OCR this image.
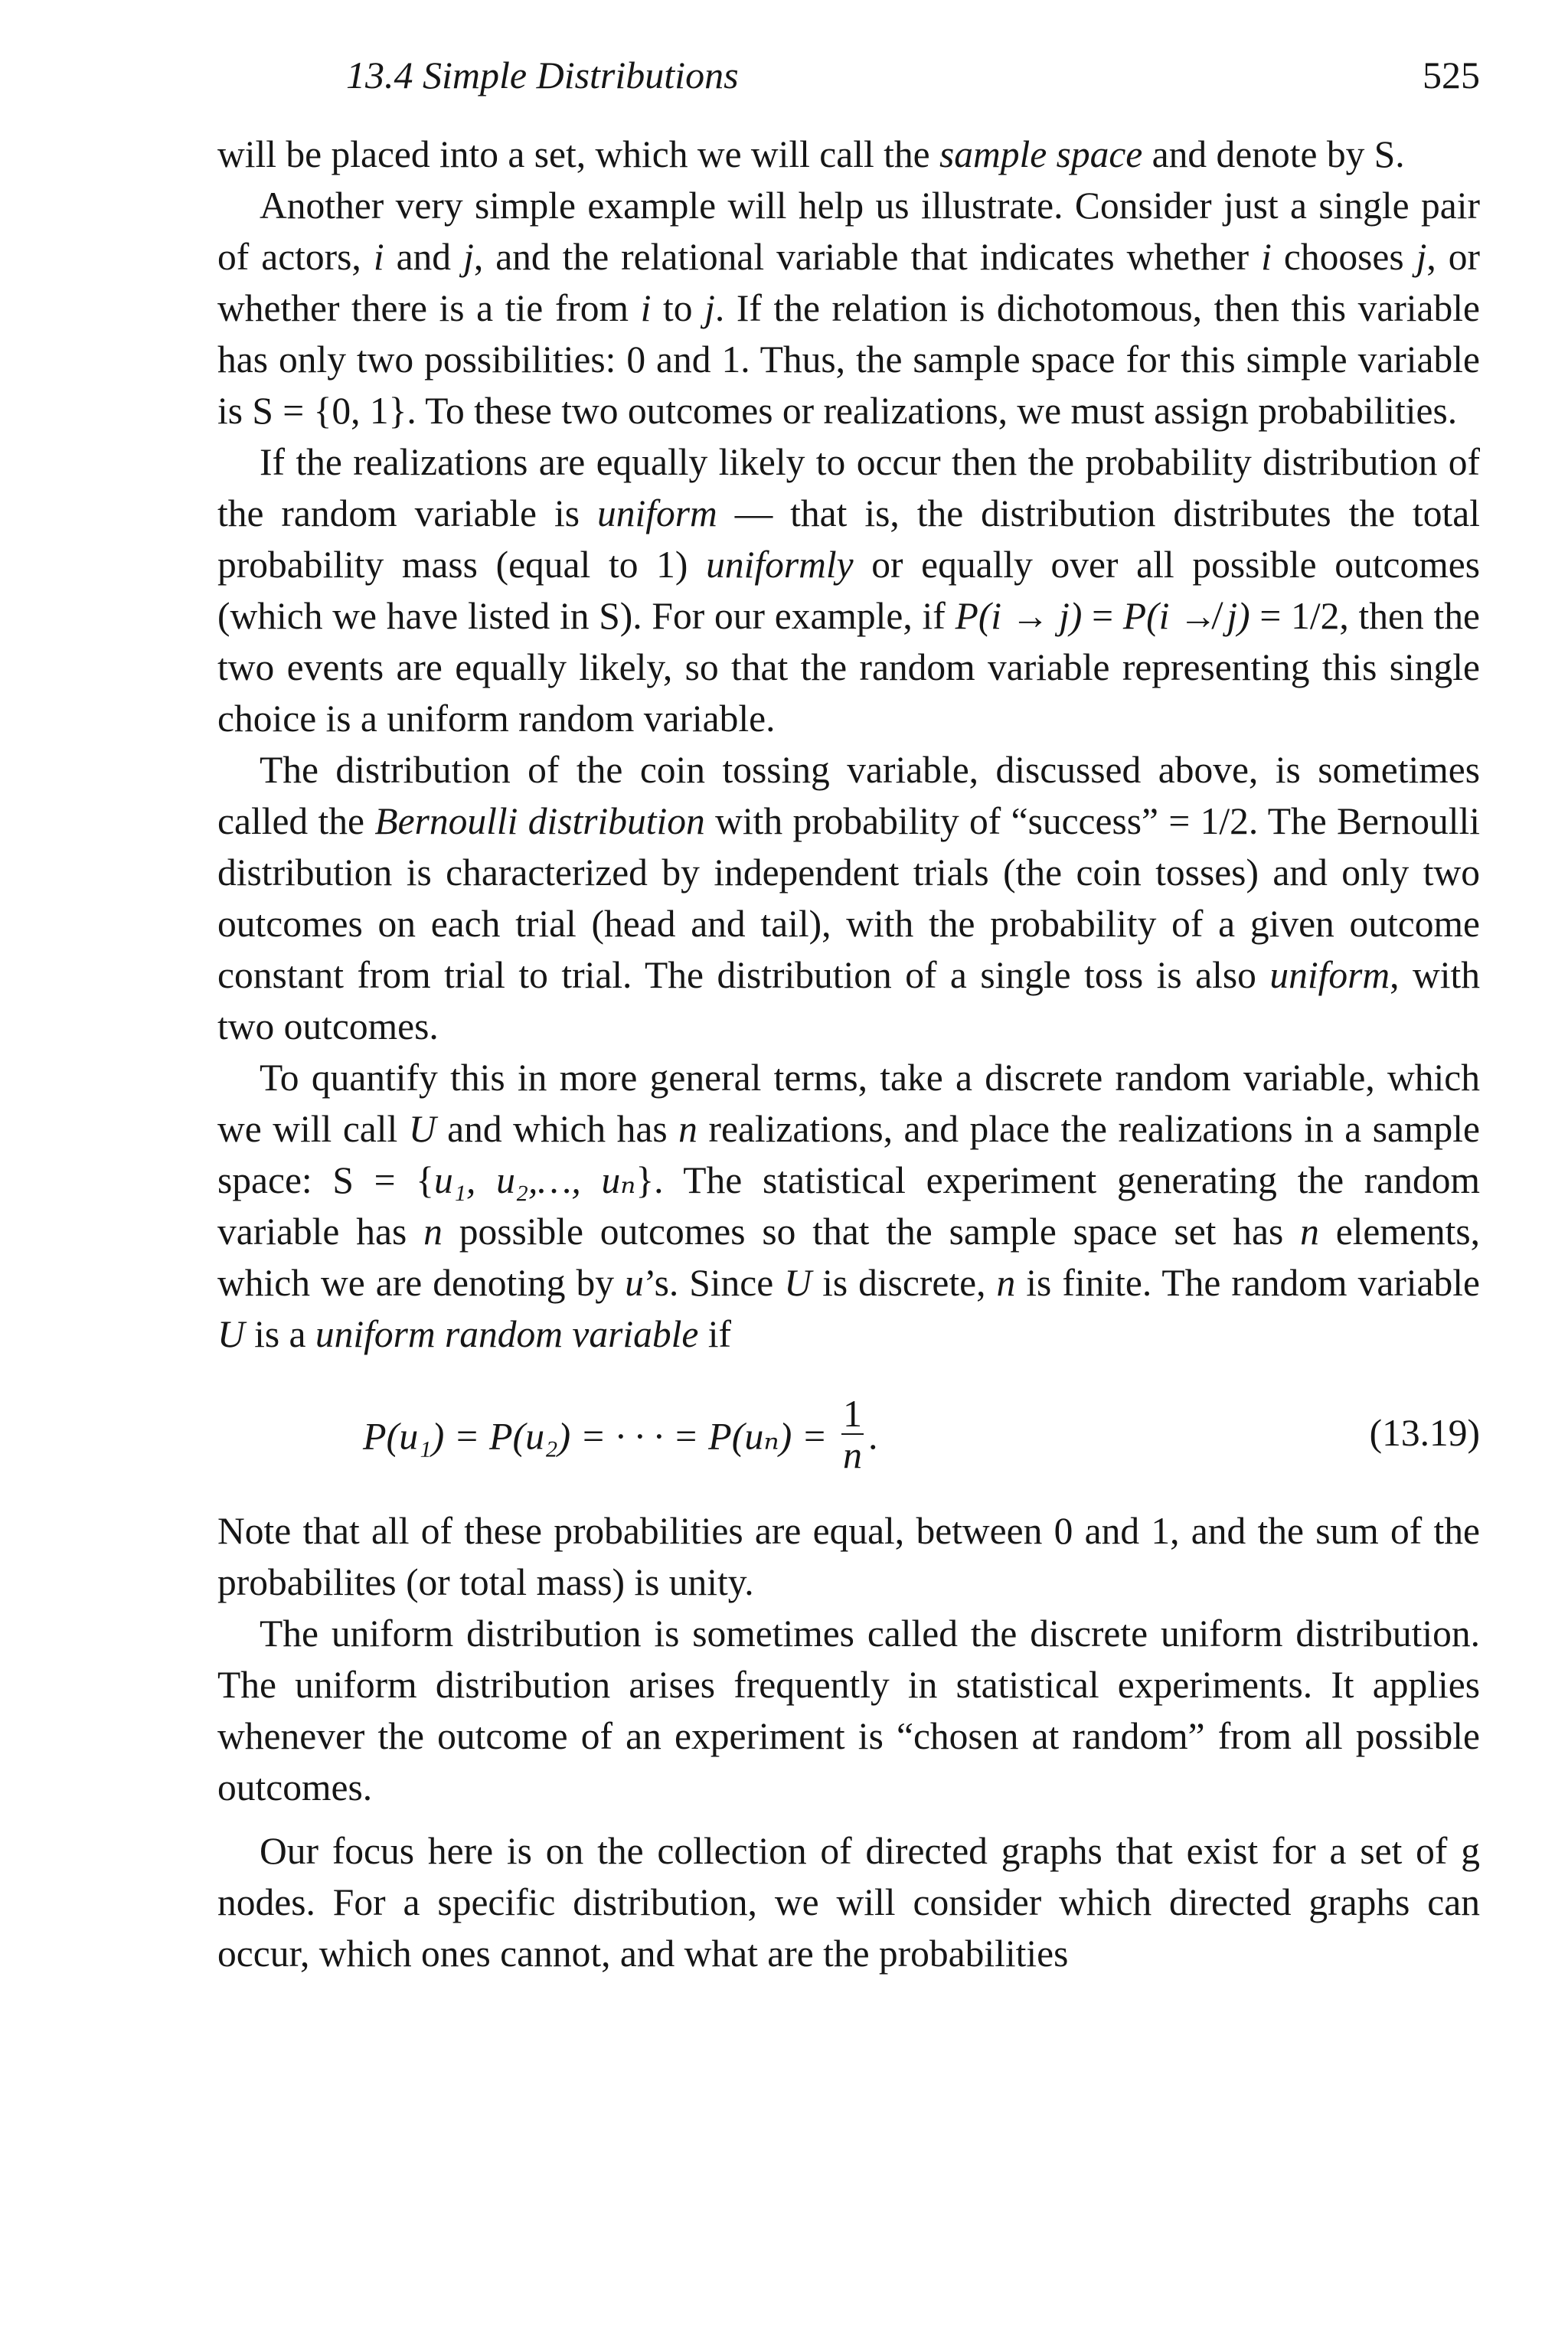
13.4 Simple Distributions	525

will be placed into a set, which we will call the sample space and denote by S.

Another very simple example will help us illustrate. Consider just a single pair of actors, i and j, and the relational variable that indicates whether i chooses j, or whether there is a tie from i to j. If the relation is dichotomous, then this variable has only two possibilities: 0 and 1. Thus, the sample space for this simple variable is S = {0, 1}. To these two outcomes or realizations, we must assign probabilities.

If the realizations are equally likely to occur then the probability distribution of the random variable is uniform — that is, the distribution distributes the total probability mass (equal to 1) uniformly or equally over all possible outcomes (which we have listed in S). For our example, if P(i → j) = P(i ↛ j) = 1/2, then the two events are equally likely, so that the random variable representing this single choice is a uniform random variable.

The distribution of the coin tossing variable, discussed above, is sometimes called the Bernoulli distribution with probability of “success” = 1/2. The Bernoulli distribution is characterized by independent trials (the coin tosses) and only two outcomes on each trial (head and tail), with the probability of a given outcome constant from trial to trial. The distribution of a single toss is also uniform, with two outcomes.

To quantify this in more general terms, take a discrete random variable, which we will call U and which has n realizations, and place the realizations in a sample space: S = {u₁, u₂,…, uₙ}. The statistical experiment generating the random variable has n possible outcomes so that the sample space set has n elements, which we are denoting by u’s. Since U is discrete, n is finite. The random variable U is a uniform random variable if

P(u₁) = P(u₂) = · · · = $P(u_n) = \frac{1}{n}$ .	(13.19)

Note that all of these probabilities are equal, between 0 and 1, and the sum of the probabilites (or total mass) is unity.

The uniform distribution is sometimes called the discrete uniform distribution. The uniform distribution arises frequently in statistical experiments. It applies whenever the outcome of an experiment is “chosen at random” from all possible outcomes.

Our focus here is on the collection of directed graphs that exist for a set of g nodes. For a specific distribution, we will consider which directed graphs can occur, which ones cannot, and what are the probabilities
